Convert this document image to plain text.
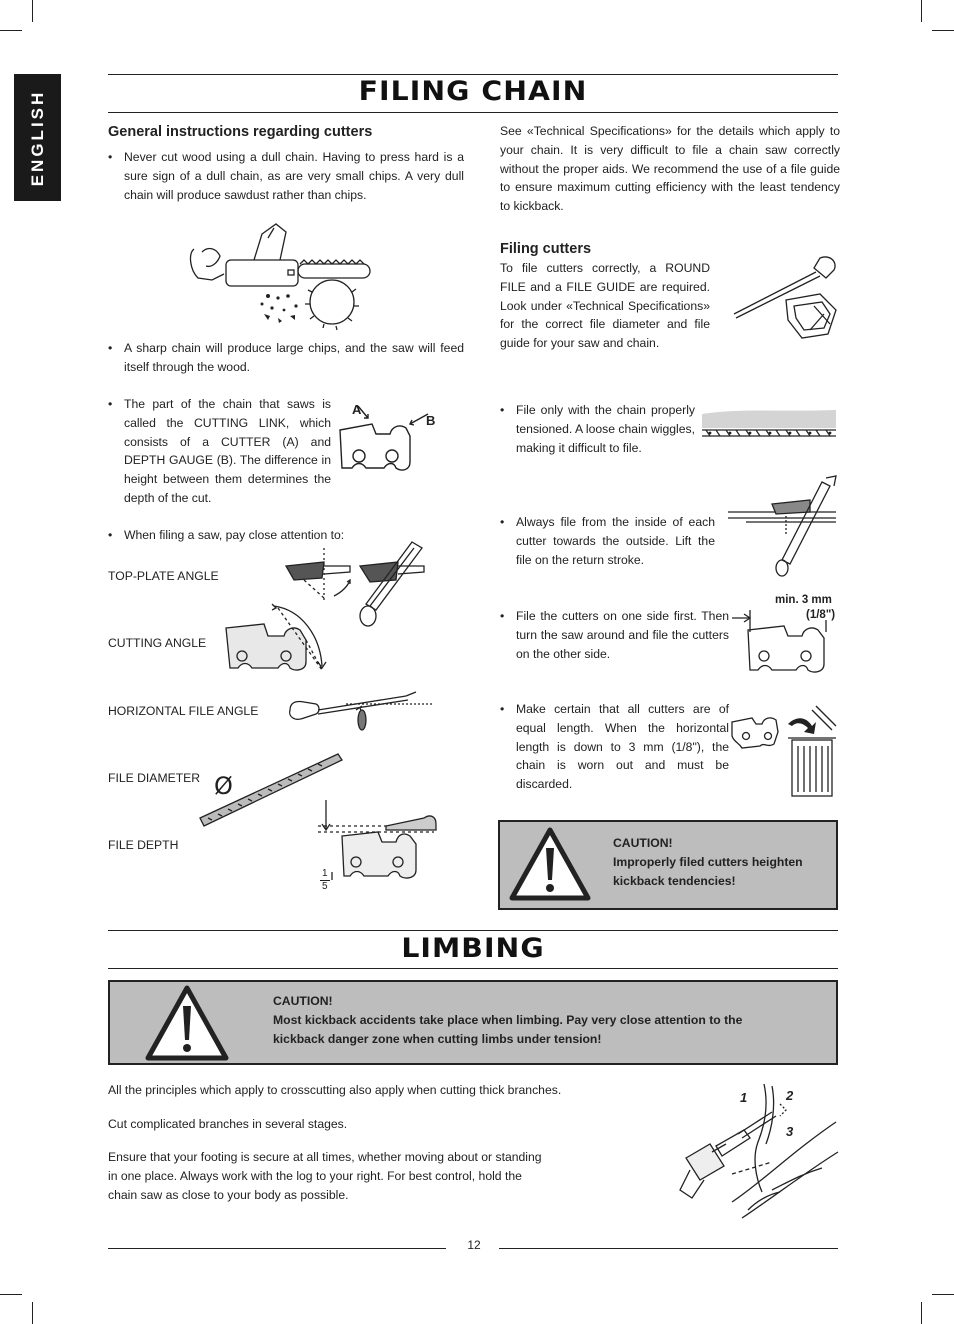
ENGLISH	FILING CHAIN
General instructions regarding cutters
• Never cut wood using a dull chain. Having to press hard is a sure sign of a dull chain, as are very small chips. A very dull chain will produce sawdust rather than chips.
• A sharp chain will produce large chips, and the saw will feed itself through the wood.
• The part of the chain that saws is called the CUTTING LINK, which consists of a CUTTER (A) and DEPTH GAUGE (B). The difference in height between them determines the depth of the cut.
A
B
• When filing a saw, pay close attention to:
TOP-PLATE ANGLE
CUTTING ANGLE
HORIZONTAL FILE ANGLE
FILE DIAMETER
FILE DEPTH
Ø
1
5
See «Technical Specifications» for the details which apply to your chain. It is very difficult to file a chain saw correctly without the proper aids. We recommend the use of a file guide to ensure maximum cutting efficiency with the least tendency to kickback.
Filing cutters
To file cutters correctly, a ROUND FILE and a FILE GUIDE are required. Look under «Technical Specifications» for the correct file diameter and file guide for your saw and chain.
• File only with the chain properly tensioned. A loose chain wiggles, making it difficult to file.
• Always file from the inside of each cutter towards the outside. Lift the file on the return stroke.
• File the cutters on one side first. Then turn the saw around and file the cutters on the other side.
min. 3 mm
(1/8")
• Make certain that all cutters are of equal length. When the horizontal length is down to 3 mm (1/8"), the chain is worn out and must be discarded.
CAUTION!
Improperly filed cutters heighten kickback tendencies!
LIMBING
CAUTION!
Most kickback accidents take place when limbing. Pay very close attention to the kickback danger zone when cutting limbs under tension!
All the principles which apply to crosscutting also apply when cutting thick branches.
Cut complicated branches in several stages.
Ensure that your footing is secure at all times, whether moving about or standing in one place. Always work with the log to your right. For best control, hold the chain saw as close to your body as possible.
1	2
3
12
